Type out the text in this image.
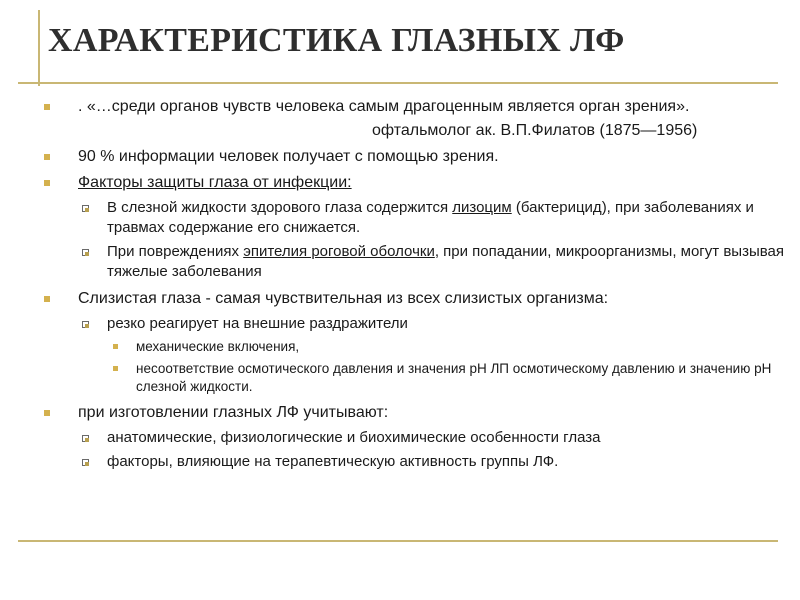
ХАРАКТЕРИСТИКА ГЛАЗНЫХ ЛФ
. «…среди органов чувств человека самым драгоценным является орган зрения».
офтальмолог ак. В.П.Филатов (1875—1956)
90 % информации человек получает с помощью зрения.
Факторы защиты глаза от инфекции:
В слезной жидкости здорового глаза содержится лизоцим (бактерицид), при заболеваниях и травмах содержание его снижается.
При повреждениях эпителия роговой оболочки, при попадании, микроорганизмы, могут вызывая тяжелые заболевания
Слизистая глаза - самая чувствительная из всех слизистых организма:
резко реагирует на внешние раздражители
механические включения,
несоответствие осмотического давления и значения pH ЛП осмотическому давлению и значению pH слезной жидкости.
при изготовлении глазных ЛФ учитывают:
анатомические, физиологические и биохимические особенности глаза
факторы, влияющие на терапевтическую активность группы ЛФ.
